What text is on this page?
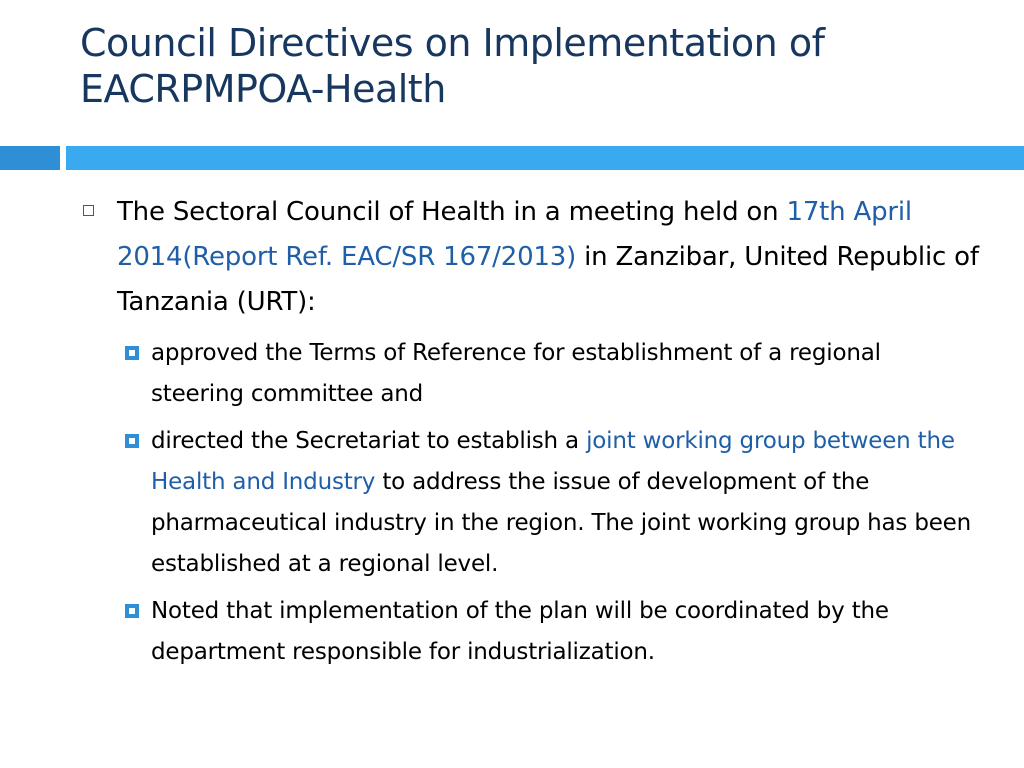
Council Directives on Implementation of
EACRPMPOA-Health
The Sectoral Council of Health in a meeting held on 17th April 2014(Report Ref. EAC/SR 167/2013) in Zanzibar, United Republic of Tanzania (URT):
approved the Terms of Reference for establishment of a regional steering committee and
directed the Secretariat to establish a joint working group between the Health and Industry to address the issue of development of the pharmaceutical industry in the region. The joint working group has been established at a regional level.
Noted that implementation of the plan will be coordinated by the department responsible for industrialization.
